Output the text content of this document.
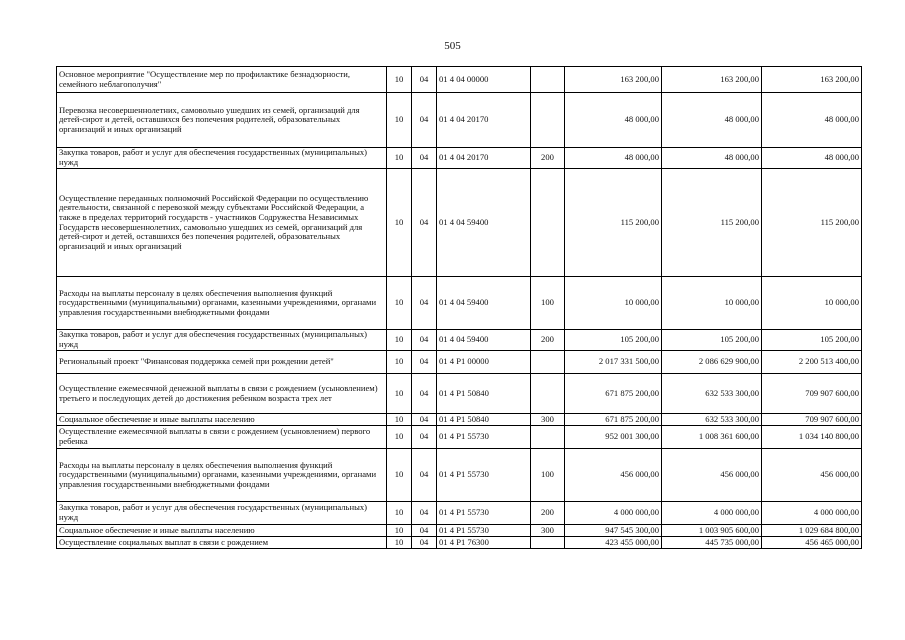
505
Основное мероприятие "Осуществление мер по профилактике безнадзорности, семейного неблагополучия"	10	04	01 4 04 00000		163 200,00	163 200,00	163 200,00
Перевозка несовершеннолетних, самовольно ушедших из семей, организаций для детей-сирот и детей, оставшихся без попечения родителей, образовательных организаций и иных организаций	10	04	01 4 04 20170		48 000,00	48 000,00	48 000,00
Закупка товаров, работ и услуг для обеспечения государственных (муниципальных) нужд	10	04	01 4 04 20170	200	48 000,00	48 000,00	48 000,00
Осуществление переданных полномочий Российской Федерации по осуществлению деятельности, связанной с перевозкой между субъектами Российской Федерации, а также в пределах территорий государств - участников Содружества Независимых Государств несовершеннолетних, самовольно ушедших из семей, организаций для детей-сирот и детей, оставшихся без попечения родителей, образовательных организаций и иных организаций	10	04	01 4 04 59400		115 200,00	115 200,00	115 200,00
Расходы на выплаты персоналу в целях обеспечения выполнения функций государственными (муниципальными) органами, казенными учреждениями, органами управления государственными внебюджетными фондами	10	04	01 4 04 59400	100	10 000,00	10 000,00	10 000,00
Закупка товаров, работ и услуг для обеспечения государственных (муниципальных) нужд	10	04	01 4 04 59400	200	105 200,00	105 200,00	105 200,00
Региональный проект "Финансовая поддержка семей при рождении детей"	10	04	01 4 P1 00000		2 017 331 500,00	2 086 629 900,00	2 200 513 400,00
Осуществление ежемесячной денежной выплаты в связи с рождением (усыновлением) третьего и последующих детей до достижения ребенком возраста трех лет	10	04	01 4 P1 50840		671 875 200,00	632 533 300,00	709 907 600,00
Социальное обеспечение и иные выплаты населению	10	04	01 4 P1 50840	300	671 875 200,00	632 533 300,00	709 907 600,00
Осуществление ежемесячной выплаты в связи с рождением (усыновлением) первого ребенка	10	04	01 4 P1 55730		952 001 300,00	1 008 361 600,00	1 034 140 800,00
Расходы на выплаты персоналу в целях обеспечения выполнения функций государственными (муниципальными) органами, казенными учреждениями, органами управления государственными внебюджетными фондами	10	04	01 4 P1 55730	100	456 000,00	456 000,00	456 000,00
Закупка товаров, работ и услуг для обеспечения государственных (муниципальных) нужд	10	04	01 4 P1 55730	200	4 000 000,00	4 000 000,00	4 000 000,00
Социальное обеспечение и иные выплаты населению	10	04	01 4 P1 55730	300	947 545 300,00	1 003 905 600,00	1 029 684 800,00
Осуществление социальных выплат в связи с рождением	10	04	01 4 P1 76300		423 455 000,00	445 735 000,00	456 465 000,00
